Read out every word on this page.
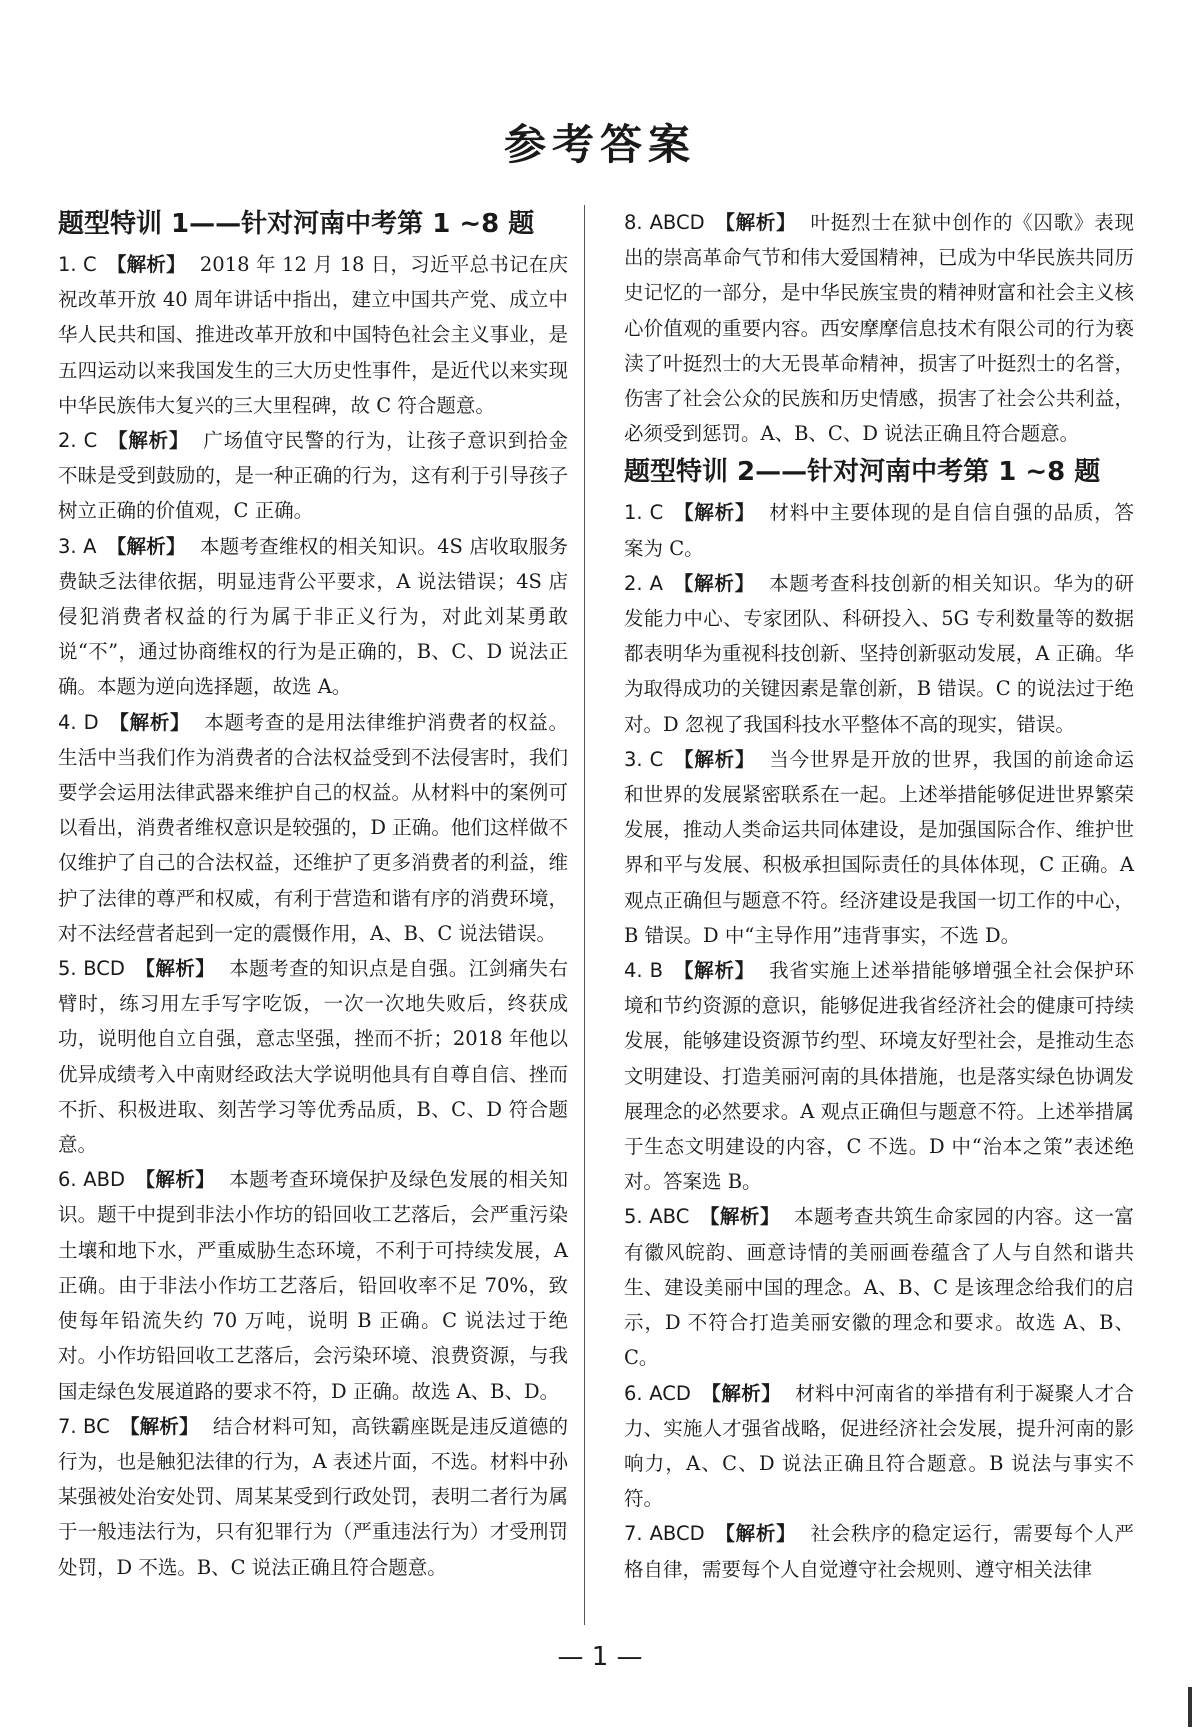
参考答案
题型特训 1——针对河南中考第 1 ~8 题
1. C 【解析】 2018 年 12 月 18 日，习近平总书记在庆祝改革开放 40 周年讲话中指出，建立中国共产党、成立中华人民共和国、推进改革开放和中国特色社会主义事业，是五四运动以来我国发生的三大历史性事件，是近代以来实现中华民族伟大复兴的三大里程碑，故 C 符合题意。
2. C 【解析】 广场值守民警的行为，让孩子意识到拾金不昧是受到鼓励的，是一种正确的行为，这有利于引导孩子树立正确的价值观，C 正确。
3. A 【解析】 本题考查维权的相关知识。4S 店收取服务费缺乏法律依据，明显违背公平要求，A 说法错误；4S 店侵犯消费者权益的行为属于非正义行为，对此刘某勇敢说“不”，通过协商维权的行为是正确的，B、C、D 说法正确。本题为逆向选择题，故选 A。
4. D 【解析】 本题考查的是用法律维护消费者的权益。生活中当我们作为消费者的合法权益受到不法侵害时，我们要学会运用法律武器来维护自己的权益。从材料中的案例可以看出，消费者维权意识是较强的，D 正确。他们这样做不仅维护了自己的合法权益，还维护了更多消费者的利益，维护了法律的尊严和权威，有利于营造和谐有序的消费环境，对不法经营者起到一定的震慑作用，A、B、C 说法错误。
5. BCD 【解析】 本题考查的知识点是自强。江剑痛失右臂时，练习用左手写字吃饭，一次一次地失败后，终获成功，说明他自立自强，意志坚强，挫而不折；2018 年他以优异成绩考入中南财经政法大学说明他具有自尊自信、挫而不折、积极进取、刻苦学习等优秀品质，B、C、D 符合题意。
6. ABD 【解析】 本题考查环境保护及绿色发展的相关知识。题干中提到非法小作坊的铅回收工艺落后，会严重污染土壤和地下水，严重威胁生态环境，不利于可持续发展，A 正确。由于非法小作坊工艺落后，铅回收率不足 70%，致使每年铅流失约 70 万吨，说明 B 正确。C 说法过于绝对。小作坊铅回收工艺落后，会污染环境、浪费资源，与我国走绿色发展道路的要求不符，D 正确。故选 A、B、D。
7. BC 【解析】 结合材料可知，高铁霸座既是违反道德的行为，也是触犯法律的行为，A 表述片面，不选。材料中孙某强被处治安处罚、周某某受到行政处罚，表明二者行为属于一般违法行为，只有犯罪行为（严重违法行为）才受刑罚处罚，D 不选。B、C 说法正确且符合题意。
8. ABCD 【解析】 叶挺烈士在狱中创作的《囚歌》表现出的崇高革命气节和伟大爱国精神，已成为中华民族共同历史记忆的一部分，是中华民族宝贵的精神财富和社会主义核心价值观的重要内容。西安摩摩信息技术有限公司的行为亵渎了叶挺烈士的大无畏革命精神，损害了叶挺烈士的名誉，伤害了社会公众的民族和历史情感，损害了社会公共利益，必须受到惩罚。A、B、C、D 说法正确且符合题意。
题型特训 2——针对河南中考第 1 ~8 题
1. C 【解析】 材料中主要体现的是自信自强的品质，答案为 C。
2. A 【解析】 本题考查科技创新的相关知识。华为的研发能力中心、专家团队、科研投入、5G 专利数量等的数据都表明华为重视科技创新、坚持创新驱动发展，A 正确。华为取得成功的关键因素是靠创新，B 错误。C 的说法过于绝对。D 忽视了我国科技水平整体不高的现实，错误。
3. C 【解析】 当今世界是开放的世界，我国的前途命运和世界的发展紧密联系在一起。上述举措能够促进世界繁荣发展，推动人类命运共同体建设，是加强国际合作、维护世界和平与发展、积极承担国际责任的具体体现，C 正确。A 观点正确但与题意不符。经济建设是我国一切工作的中心，B 错误。D 中“主导作用”违背事实，不选 D。
4. B 【解析】 我省实施上述举措能够增强全社会保护环境和节约资源的意识，能够促进我省经济社会的健康可持续发展，能够建设资源节约型、环境友好型社会，是推动生态文明建设、打造美丽河南的具体措施，也是落实绿色协调发展理念的必然要求。A 观点正确但与题意不符。上述举措属于生态文明建设的内容，C 不选。D 中“治本之策”表述绝对。答案选 B。
5. ABC 【解析】 本题考查共筑生命家园的内容。这一富有徽风皖韵、画意诗情的美丽画卷蕴含了人与自然和谐共生、建设美丽中国的理念。A、B、C 是该理念给我们的启示，D 不符合打造美丽安徽的理念和要求。故选 A、B、C。
6. ACD 【解析】 材料中河南省的举措有利于凝聚人才合力、实施人才强省战略，促进经济社会发展，提升河南的影响力，A、C、D 说法正确且符合题意。B 说法与事实不符。
7. ABCD 【解析】 社会秩序的稳定运行，需要每个人严格自律，需要每个人自觉遵守社会规则、遵守相关法律
— 1 —
